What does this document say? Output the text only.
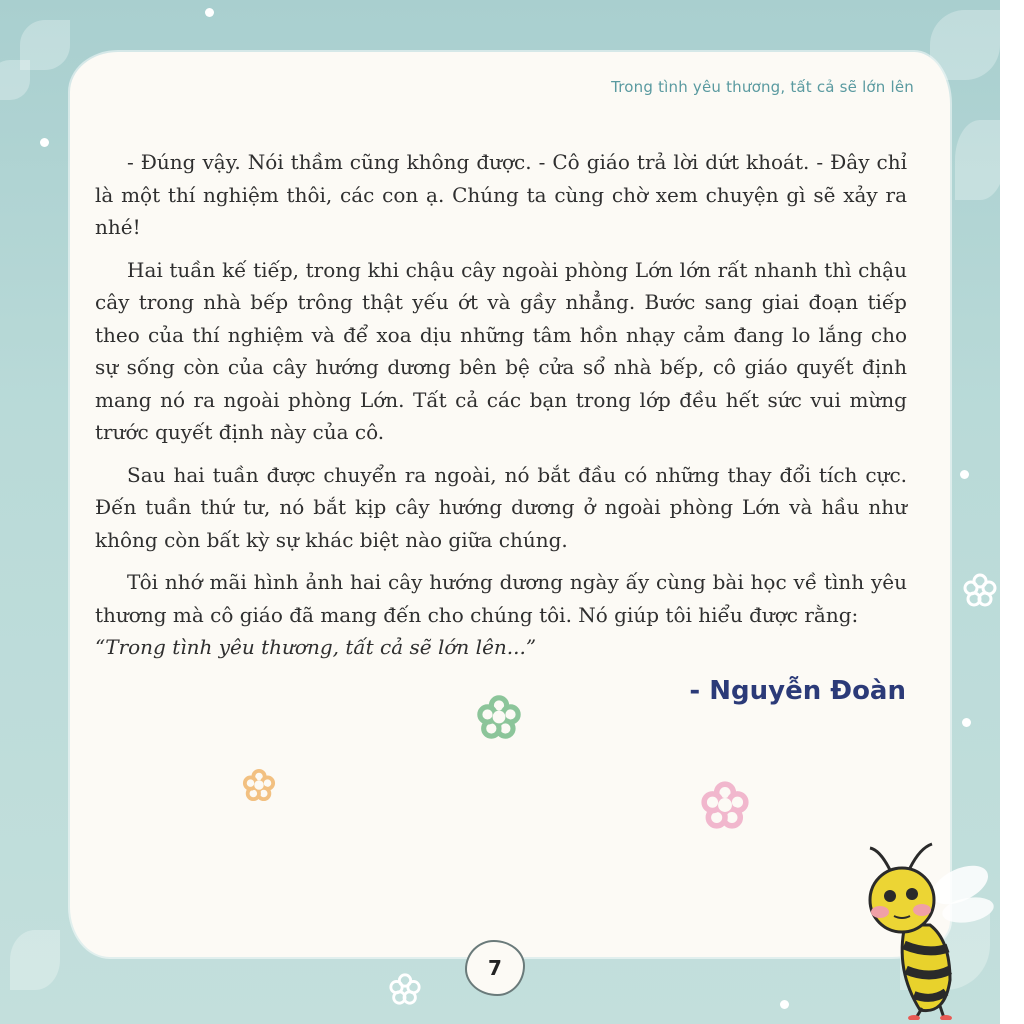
Trong tình yêu thương, tất cả sẽ lớn lên

- Đúng vậy. Nói thầm cũng không được. - Cô giáo trả lời dứt khoát. - Đây chỉ là một thí nghiệm thôi, các con ạ. Chúng ta cùng chờ xem chuyện gì sẽ xảy ra nhé!

Hai tuần kế tiếp, trong khi chậu cây ngoài phòng Lớn lớn rất nhanh thì chậu cây trong nhà bếp trông thật yếu ớt và gầy nhẳng. Bước sang giai đoạn tiếp theo của thí nghiệm và để xoa dịu những tâm hồn nhạy cảm đang lo lắng cho sự sống còn của cây hướng dương bên bệ cửa sổ nhà bếp, cô giáo quyết định mang nó ra ngoài phòng Lớn. Tất cả các bạn trong lớp đều hết sức vui mừng trước quyết định này của cô.

Sau hai tuần được chuyển ra ngoài, nó bắt đầu có những thay đổi tích cực. Đến tuần thứ tư, nó bắt kịp cây hướng dương ở ngoài phòng Lớn và hầu như không còn bất kỳ sự khác biệt nào giữa chúng.

Tôi nhớ mãi hình ảnh hai cây hướng dương ngày ấy cùng bài học về tình yêu thương mà cô giáo đã mang đến cho chúng tôi. Nó giúp tôi hiểu được rằng:
“Trong tình yêu thương, tất cả sẽ lớn lên...”

- Nguyễn Đoàn
7
